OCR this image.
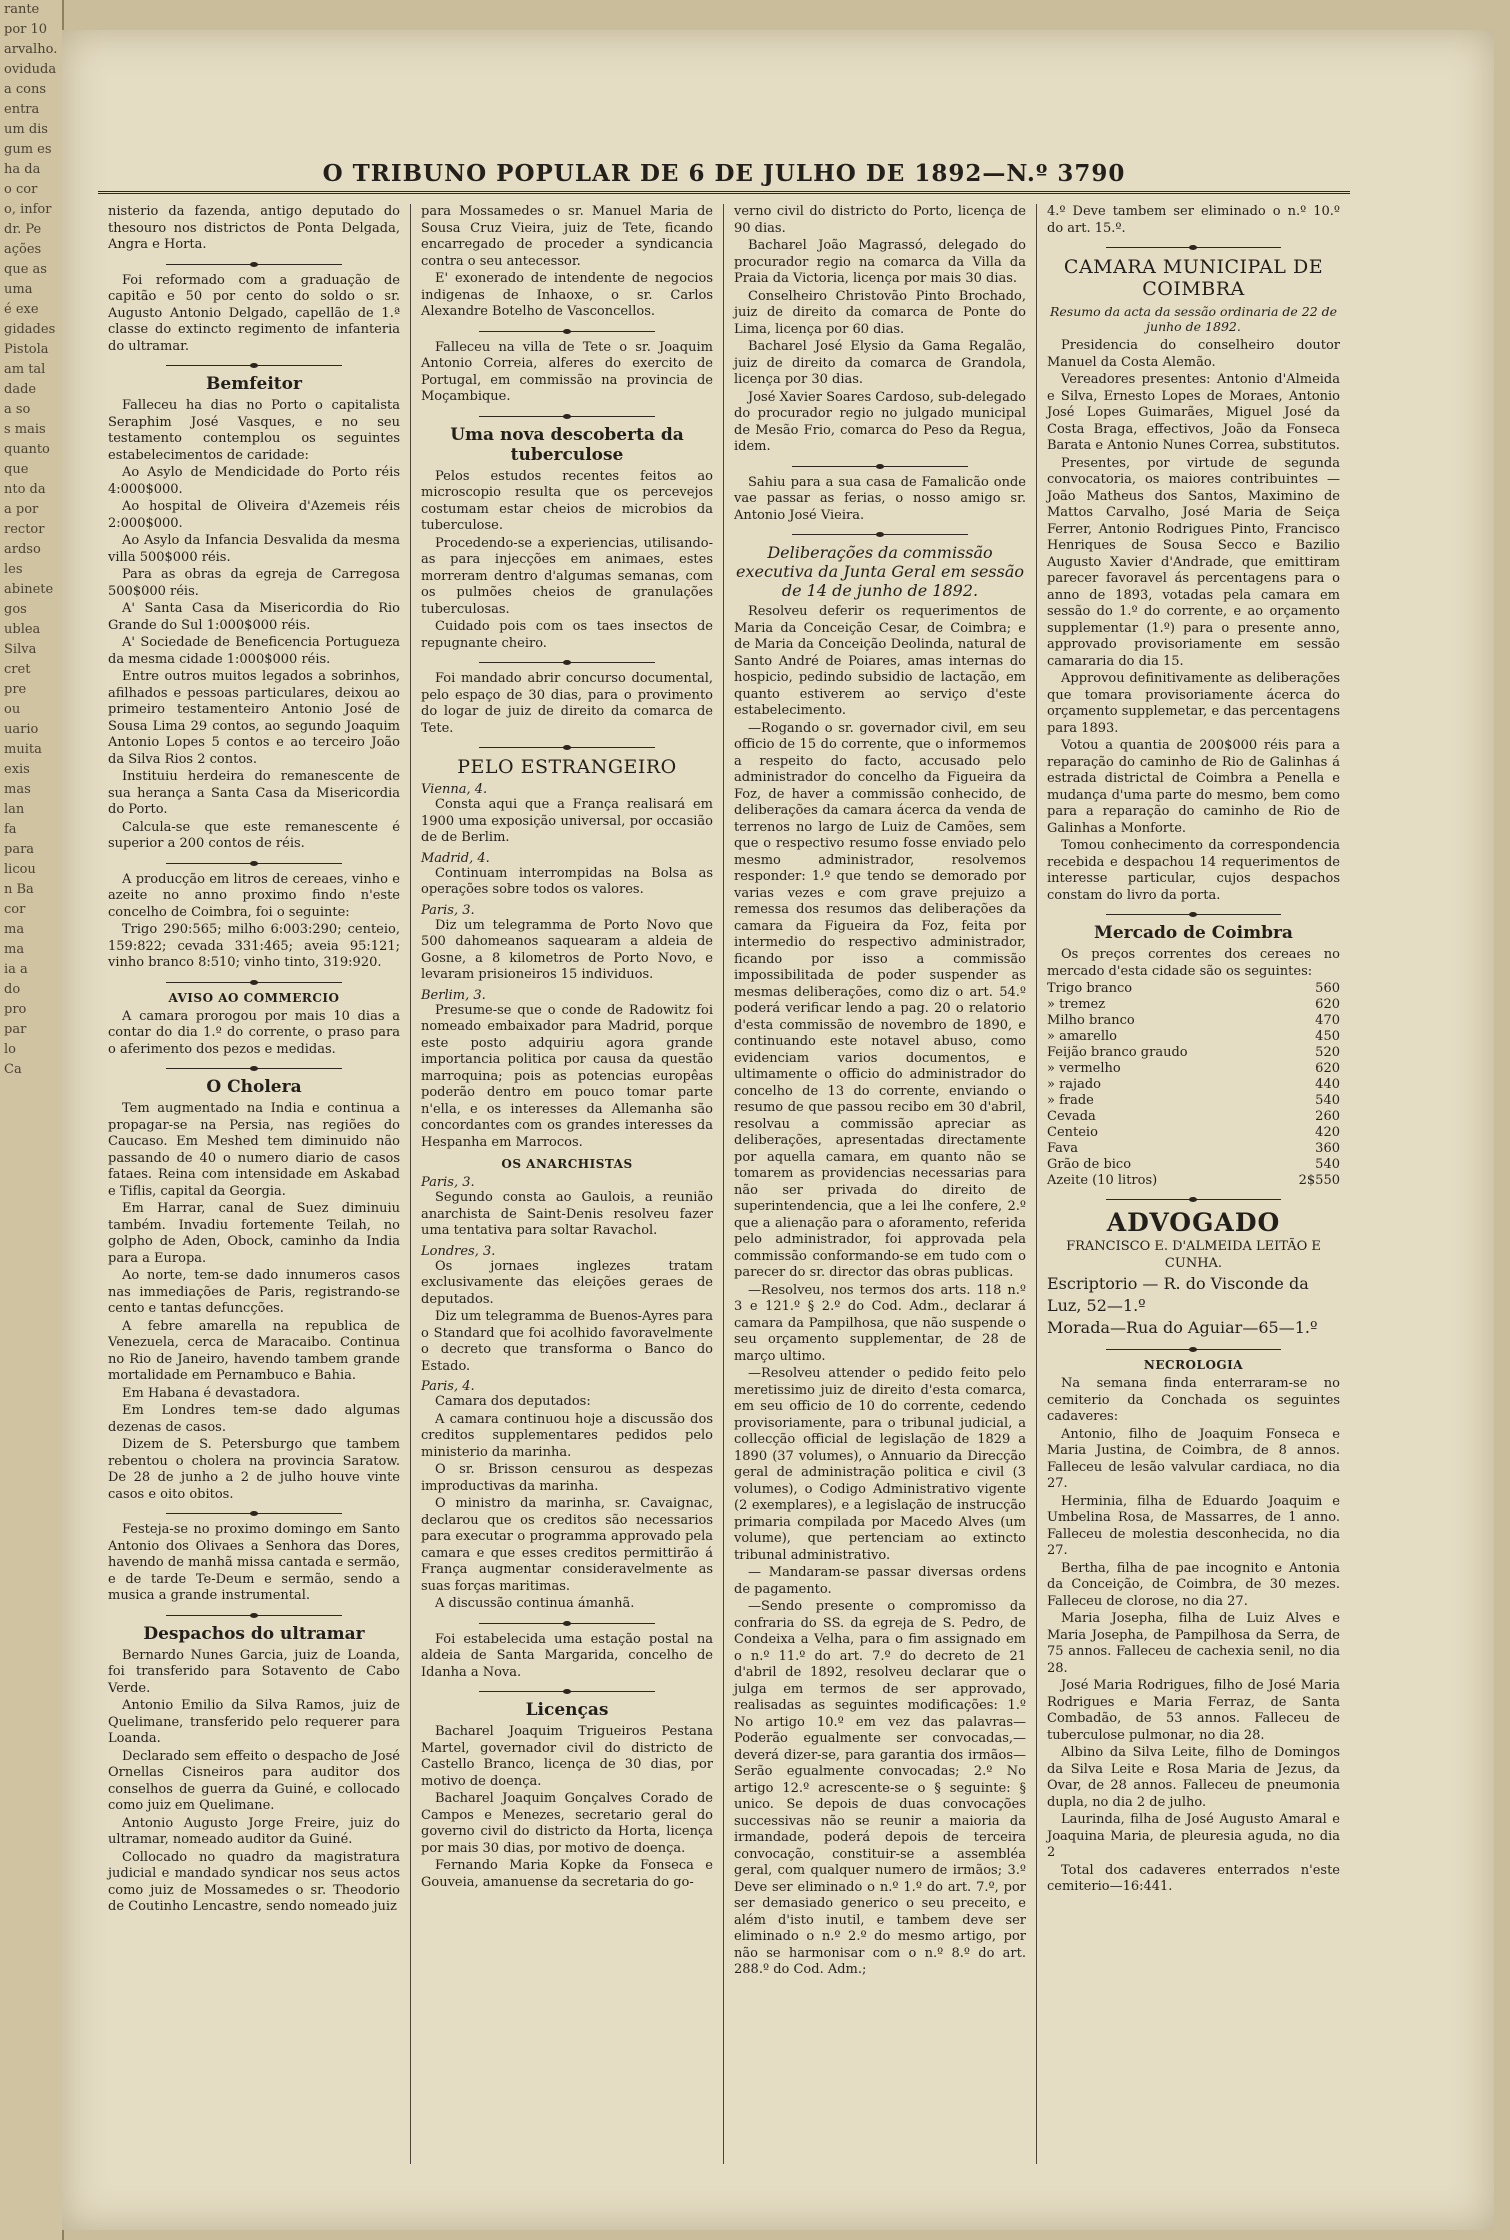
rante
por 10
arvalho.
oviduda
a cons
entra
um dis
gum es
ha da
o cor
o, infor
dr. Pe
ações
que as
uma
é exe
gidades
Pistola
am tal
dade
a so
s mais
quanto
que
nto da
a por
rector
ardso
les
abinete
gos
ublea
Silva
cret
pre
ou
uario
muita
exis
mas
lan
fa
para
licou
n Ba
cor
ma
ma
ia a
do
pro
par
lo
Ca
O TRIBUNO POPULAR DE 6 DE JULHO DE 1892—N.º 3790

nisterio da fazenda, antigo deputado do thesouro nos districtos de Ponta Delgada, Angra e Horta.

Foi reformado com a graduação de capitão e 50 por cento do soldo o sr. Augusto Antonio Delgado, capellão de 1.ª classe do extincto regimento de infanteria do ultramar.

Bemfeitor

Falleceu ha dias no Porto o capitalista Seraphim José Vasques, e no seu testamento contemplou os seguintes estabelecimentos de caridade:

Ao Asylo de Mendicidade do Porto réis 4:000$000.

Ao hospital de Oliveira d'Azemeis réis 2:000$000.

Ao Asylo da Infancia Desvalida da mesma villa 500$000 réis.

Para as obras da egreja de Carregosa 500$000 réis.

A' Santa Casa da Misericordia do Rio Grande do Sul 1:000$000 réis.

A' Sociedade de Beneficencia Portugueza da mesma cidade 1:000$000 réis.

Entre outros muitos legados a sobrinhos, afilhados e pessoas particulares, deixou ao primeiro testamenteiro Antonio José de Sousa Lima 29 contos, ao segundo Joaquim Antonio Lopes 5 contos e ao terceiro João da Silva Rios 2 contos.

Instituiu herdeira do remanescente de sua herança a Santa Casa da Misericordia do Porto.

Calcula-se que este remanescente é superior a 200 contos de réis.

A producção em litros de cereaes, vinho e azeite no anno proximo findo n'este concelho de Coimbra, foi o seguinte:

Trigo 290:565; milho 6:003:290; centeio, 159:822; cevada 331:465; aveia 95:121; vinho branco 8:510; vinho tinto, 319:920.

AVISO AO COMMERCIO

A camara prorogou por mais 10 dias a contar do dia 1.º do corrente, o praso para o aferimento dos pezos e medidas.

O Cholera

Tem augmentado na India e continua a propagar-se na Persia, nas regiões do Caucaso. Em Meshed tem diminuido não passando de 40 o numero diario de casos fataes. Reina com intensidade em Askabad e Tiflis, capital da Georgia.

Em Harrar, canal de Suez diminuiu também. Invadiu fortemente Teilah, no golpho de Aden, Obock, caminho da India para a Europa.

Ao norte, tem-se dado innumeros casos nas immediações de Paris, registrando-se cento e tantas defuncções.

A febre amarella na republica de Venezuela, cerca de Maracaibo. Continua no Rio de Janeiro, havendo tambem grande mortalidade em Pernambuco e Bahia.

Em Habana é devastadora.

Em Londres tem-se dado algumas dezenas de casos.

Dizem de S. Petersburgo que tambem rebentou o cholera na provincia Saratow. De 28 de junho a 2 de julho houve vinte casos e oito obitos.

Festeja-se no proximo domingo em Santo Antonio dos Olivaes a Senhora das Dores, havendo de manhã missa cantada e sermão, e de tarde Te-Deum e sermão, sendo a musica a grande instrumental.

Despachos do ultramar

Bernardo Nunes Garcia, juiz de Loanda, foi transferido para Sotavento de Cabo Verde.

Antonio Emilio da Silva Ramos, juiz de Quelimane, transferido pelo requerer para Loanda.

Declarado sem effeito o despacho de José Ornellas Cisneiros para auditor dos conselhos de guerra da Guiné, e collocado como juiz em Quelimane.

Antonio Augusto Jorge Freire, juiz do ultramar, nomeado auditor da Guiné.

Collocado no quadro da magistratura judicial e mandado syndicar nos seus actos como juiz de Mossamedes o sr. Theodorio de Coutinho Lencastre, sendo nomeado juiz

para Mossamedes o sr. Manuel Maria de Sousa Cruz Vieira, juiz de Tete, ficando encarregado de proceder a syndicancia contra o seu antecessor.

E' exonerado de intendente de negocios indigenas de Inhaoxe, o sr. Carlos Alexandre Botelho de Vasconcellos.

Falleceu na villa de Tete o sr. Joaquim Antonio Correia, alferes do exercito de Portugal, em commissão na provincia de Moçambique.

Uma nova descoberta da tuberculose

Pelos estudos recentes feitos ao microscopio resulta que os percevejos costumam estar cheios de microbios da tuberculose.

Procedendo-se a experiencias, utilisando-as para injecções em animaes, estes morreram dentro d'algumas semanas, com os pulmões cheios de granulações tuberculosas.

Cuidado pois com os taes insectos de repugnante cheiro.

Foi mandado abrir concurso documental, pelo espaço de 30 dias, para o provimento do logar de juiz de direito da comarca de Tete.

PELO ESTRANGEIRO

Vienna, 4.

Consta aqui que a França realisará em 1900 uma exposição universal, por occasião de de Berlim.

Madrid, 4.

Continuam interrompidas na Bolsa as operações sobre todos os valores.

Paris, 3.

Diz um telegramma de Porto Novo que 500 dahomeanos saquearam a aldeia de Gosne, a 8 kilometros de Porto Novo, e levaram prisioneiros 15 individuos.

Berlim, 3.

Presume-se que o conde de Radowitz foi nomeado embaixador para Madrid, porque este posto adquiriu agora grande importancia politica por causa da questão marroquina; pois as potencias europêas poderão dentro em pouco tomar parte n'ella, e os interesses da Allemanha são concordantes com os grandes interesses da Hespanha em Marrocos.

OS ANARCHISTAS

Paris, 3.

Segundo consta ao Gaulois, a reunião anarchista de Saint-Denis resolveu fazer uma tentativa para soltar Ravachol.

Londres, 3.

Os jornaes inglezes tratam exclusivamente das eleições geraes de deputados.

Diz um telegramma de Buenos-Ayres para o Standard que foi acolhido favoravelmente o decreto que transforma o Banco do Estado.

Paris, 4.

Camara dos deputados:

A camara continuou hoje a discussão dos creditos supplementares pedidos pelo ministerio da marinha.

O sr. Brisson censurou as despezas improductivas da marinha.

O ministro da marinha, sr. Cavaignac, declarou que os creditos são necessarios para executar o programma approvado pela camara e que esses creditos permittirão á França augmentar consideravelmente as suas forças maritimas.

A discussão continua ámanhã.

Foi estabelecida uma estação postal na aldeia de Santa Margarida, concelho de Idanha a Nova.

Licenças

Bacharel Joaquim Trigueiros Pestana Martel, governador civil do districto de Castello Branco, licença de 30 dias, por motivo de doença.

Bacharel Joaquim Gonçalves Corado de Campos e Menezes, secretario geral do governo civil do districto da Horta, licença por mais 30 dias, por motivo de doença.

Fernando Maria Kopke da Fonseca e Gouveia, amanuense da secretaria do go-

verno civil do districto do Porto, licença de 90 dias.

Bacharel João Magrassó, delegado do procurador regio na comarca da Villa da Praia da Victoria, licença por mais 30 dias.

Conselheiro Christovão Pinto Brochado, juiz de direito da comarca de Ponte do Lima, licença por 60 dias.

Bacharel José Elysio da Gama Regalão, juiz de direito da comarca de Grandola, licença por 30 dias.

José Xavier Soares Cardoso, sub-delegado do procurador regio no julgado municipal de Mesão Frio, comarca do Peso da Regua, idem.

Sahiu para a sua casa de Famalicão onde vae passar as ferias, o nosso amigo sr. Antonio José Vieira.

Deliberações da commissão executiva da Junta Geral em sessão de 14 de junho de 1892.

Resolveu deferir os requerimentos de Maria da Conceição Cesar, de Coimbra; e de Maria da Conceição Deolinda, natural de Santo André de Poiares, amas internas do hospicio, pedindo subsidio de lactação, em quanto estiverem ao serviço d'este estabelecimento.

—Rogando o sr. governador civil, em seu officio de 15 do corrente, que o informemos a respeito do facto, accusado pelo administrador do concelho da Figueira da Foz, de haver a commissão conhecido, de deliberações da camara ácerca da venda de terrenos no largo de Luiz de Camões, sem que o respectivo resumo fosse enviado pelo mesmo administrador, resolvemos responder: 1.º que tendo se demorado por varias vezes e com grave prejuizo a remessa dos resumos das deliberações da camara da Figueira da Foz, feita por intermedio do respectivo administrador, ficando por isso a commissão impossibilitada de poder suspender as mesmas deliberações, como diz o art. 54.º poderá verificar lendo a pag. 20 o relatorio d'esta commissão de novembro de 1890, e continuando este notavel abuso, como evidenciam varios documentos, e ultimamente o officio do administrador do concelho de 13 do corrente, enviando o resumo de que passou recibo em 30 d'abril, resolvau a commissão apreciar as deliberações, apresentadas directamente por aquella camara, em quanto não se tomarem as providencias necessarias para não ser privada do direito de superintendencia, que a lei lhe confere, 2.º que a alienação para o aforamento, referida pelo administrador, foi approvada pela commissão conformando-se em tudo com o parecer do sr. director das obras publicas.

—Resolveu, nos termos dos arts. 118 n.º 3 e 121.º § 2.º do Cod. Adm., declarar á camara da Pampilhosa, que não suspende o seu orçamento supplementar, de 28 de março ultimo.

—Resolveu attender o pedido feito pelo meretissimo juiz de direito d'esta comarca, em seu officio de 10 do corrente, cedendo provisoriamente, para o tribunal judicial, a collecção official de legislação de 1829 a 1890 (37 volumes), o Annuario da Direcção geral de administração politica e civil (3 volumes), o Codigo Administrativo vigente (2 exemplares), e a legislação de instrucção primaria compilada por Macedo Alves (um volume), que pertenciam ao extincto tribunal administrativo.

— Mandaram-se passar diversas ordens de pagamento.

—Sendo presente o compromisso da confraria do SS. da egreja de S. Pedro, de Condeixa a Velha, para o fim assignado em o n.º 11.º do art. 7.º do decreto de 21 d'abril de 1892, resolveu declarar que o julga em termos de ser approvado, realisadas as seguintes modificações: 1.º No artigo 10.º em vez das palavras—Poderão egualmente ser convocadas,—deverá dizer-se, para garantia dos irmãos—Serão egualmente convocadas; 2.º No artigo 12.º acrescente-se o § seguinte: § unico. Se depois de duas convocações successivas não se reunir a maioria da irmandade, poderá depois de terceira convocação, constituir-se a assembléa geral, com qualquer numero de irmãos; 3.º Deve ser eliminado o n.º 1.º do art. 7.º, por ser demasiado generico o seu preceito, e além d'isto inutil, e tambem deve ser eliminado o n.º 2.º do mesmo artigo, por não se harmonisar com o n.º 8.º do art. 288.º do Cod. Adm.;

4.º Deve tambem ser eliminado o n.º 10.º do art. 15.º.

CAMARA MUNICIPAL DE COIMBRA

Resumo da acta da sessão ordinaria de 22 de junho de 1892.

Presidencia do conselheiro doutor Manuel da Costa Alemão.

Vereadores presentes: Antonio d'Almeida e Silva, Ernesto Lopes de Moraes, Antonio José Lopes Guimarães, Miguel José da Costa Braga, effectivos, João da Fonseca Barata e Antonio Nunes Correa, substitutos.

Presentes, por virtude de segunda convocatoria, os maiores contribuintes — João Matheus dos Santos, Maximino de Mattos Carvalho, José Maria de Seiça Ferrer, Antonio Rodrigues Pinto, Francisco Henriques de Sousa Secco e Bazilio Augusto Xavier d'Andrade, que emittiram parecer favoravel ás percentagens para o anno de 1893, votadas pela camara em sessão do 1.º do corrente, e ao orçamento supplementar (1.º) para o presente anno, approvado provisoriamente em sessão camararia do dia 15.

Approvou definitivamente as deliberações que tomara provisoriamente ácerca do orçamento supplemetar, e das percentagens para 1893.

Votou a quantia de 200$000 réis para a reparação do caminho de Rio de Galinhas á estrada districtal de Coimbra a Penella e mudança d'uma parte do mesmo, bem como para a reparação do caminho de Rio de Galinhas a Monforte.

Tomou conhecimento da correspondencia recebida e despachou 14 requerimentos de interesse particular, cujos despachos constam do livro da porta.

Mercado de Coimbra

Os preços correntes dos cereaes no mercado d'esta cidade são os seguintes:

Trigo branco	560
» tremez	620
Milho branco	470
» amarello	450
Feijão branco graudo	520
» vermelho	620
» rajado	440
» frade	540
Cevada	260
Centeio	420
Fava	360
Grão de bico	540
Azeite (10 litros)	2$550
ADVOGADO

FRANCISCO E. D'ALMEIDA LEITÃO E CUNHA.

Escriptorio — R. do Visconde da Luz, 52—1.º
Morada—Rua do Aguiar—65—1.º
NECROLOGIA

Na semana finda enterraram-se no cemiterio da Conchada os seguintes cadaveres:

Antonio, filho de Joaquim Fonseca e Maria Justina, de Coimbra, de 8 annos. Falleceu de lesão valvular cardiaca, no dia 27.

Herminia, filha de Eduardo Joaquim e Umbelina Rosa, de Massarres, de 1 anno. Falleceu de molestia desconhecida, no dia 27.

Bertha, filha de pae incognito e Antonia da Conceição, de Coimbra, de 30 mezes. Falleceu de clorose, no dia 27.

Maria Josepha, filha de Luiz Alves e Maria Josepha, de Pampilhosa da Serra, de 75 annos. Falleceu de cachexia senil, no dia 28.

José Maria Rodrigues, filho de José Maria Rodrigues e Maria Ferraz, de Santa Combadão, de 53 annos. Falleceu de tuberculose pulmonar, no dia 28.

Albino da Silva Leite, filho de Domingos da Silva Leite e Rosa Maria de Jezus, da Ovar, de 28 annos. Falleceu de pneumonia dupla, no dia 2 de julho.

Laurinda, filha de José Augusto Amaral e Joaquina Maria, de pleuresia aguda, no dia 2

Total dos cadaveres enterrados n'este cemiterio—16:441.
